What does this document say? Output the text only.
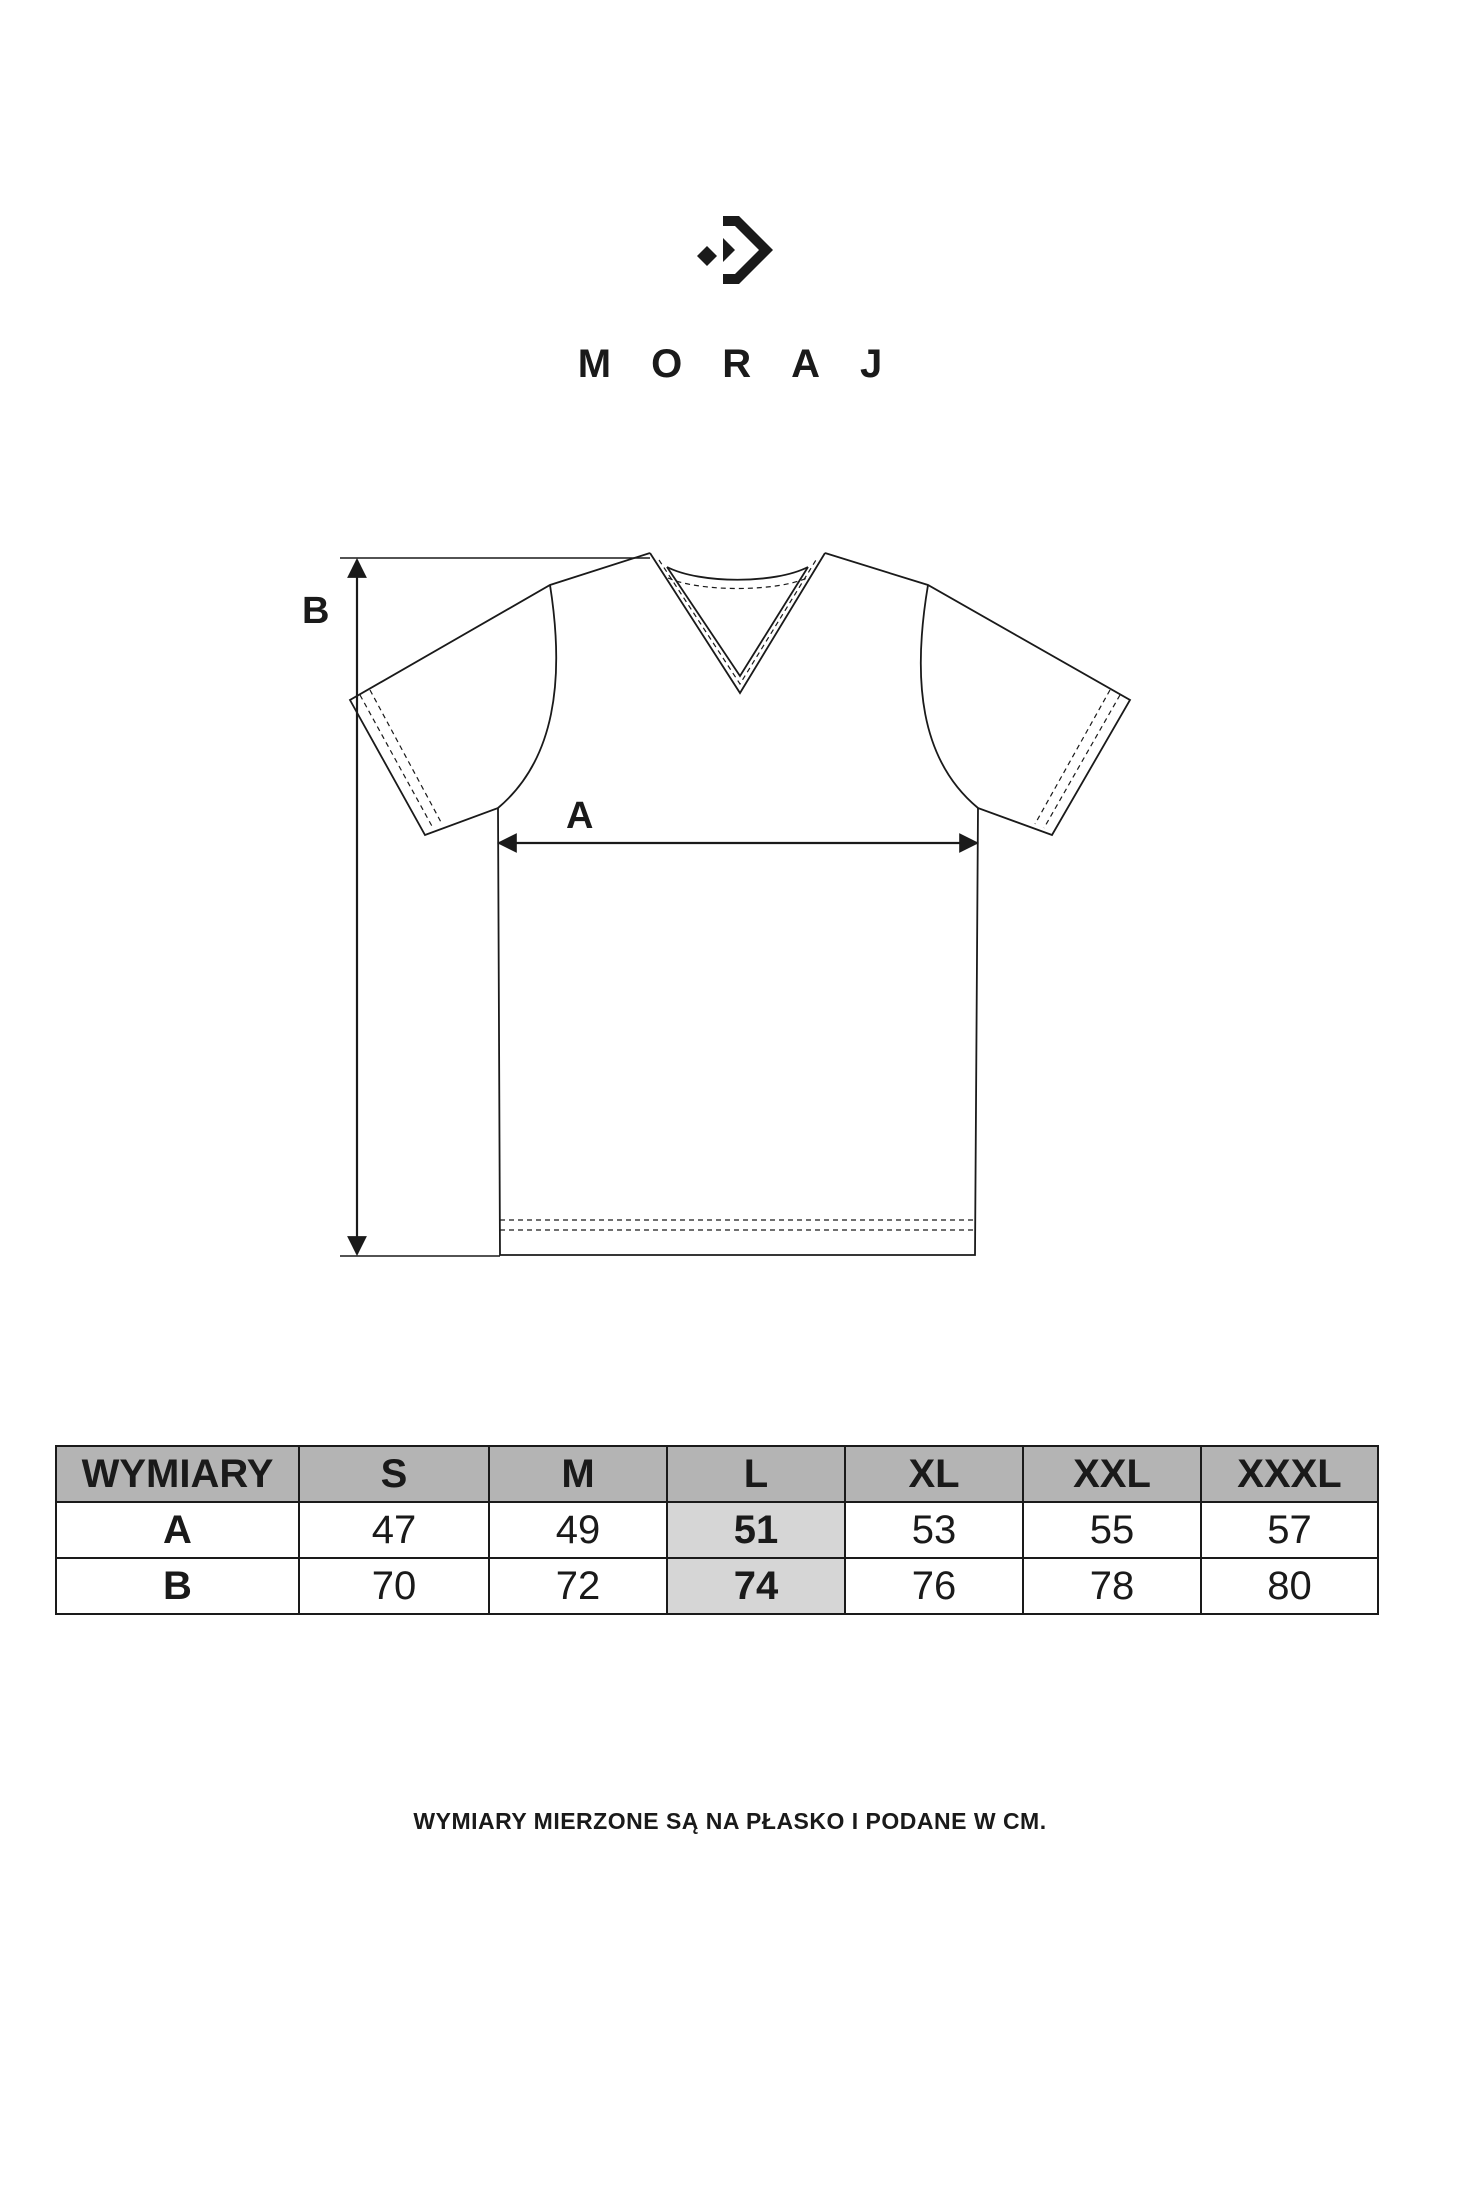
MORAJ
B
A
WYMIARY	S	M	L	XL	XXL	XXXL
A	47	49	51	53	55	57
B	70	72	74	76	78	80
WYMIARY MIERZONE SĄ NA PŁASKO I PODANE W CM.
